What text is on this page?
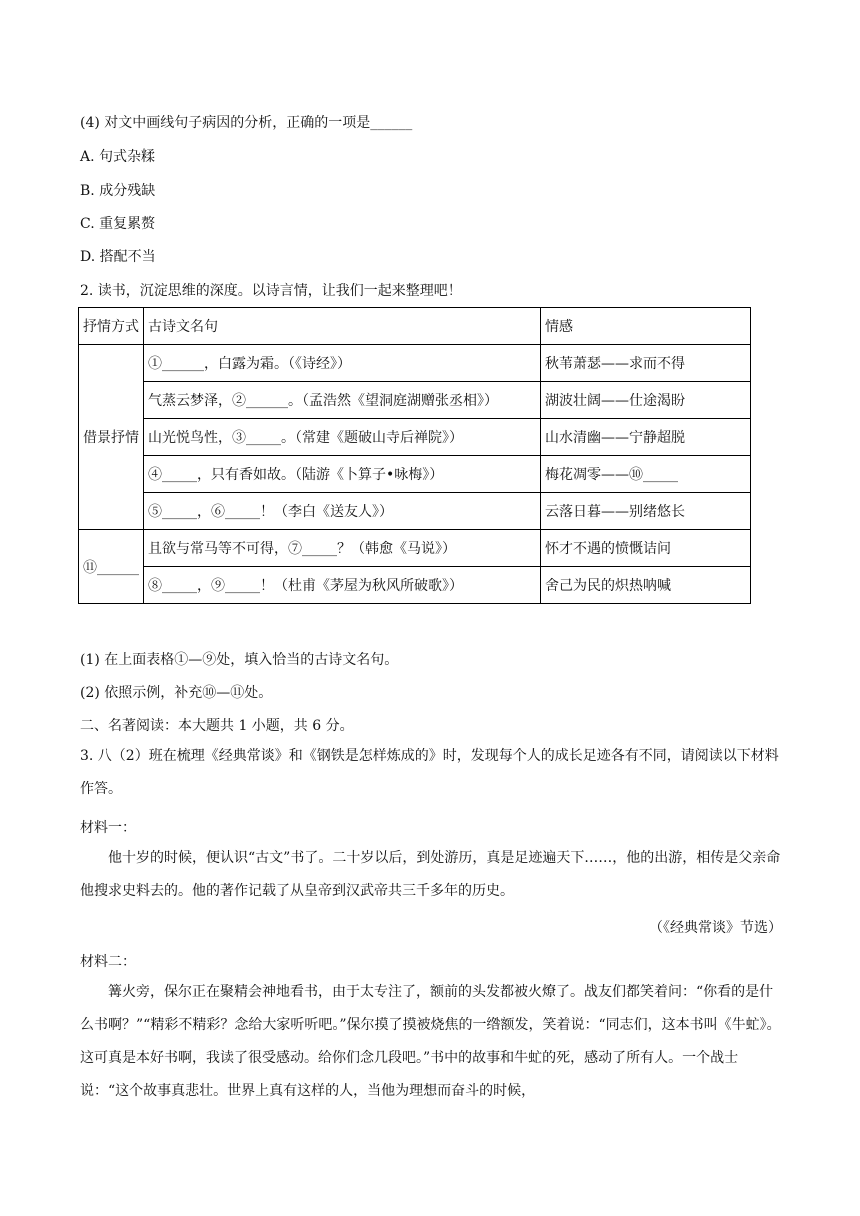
(4) 对文中画线句子病因的分析，正确的一项是______
A. 句式杂糅
B. 成分残缺
C. 重复累赘
D. 搭配不当
2. 读书，沉淀思维的深度。以诗言情，让我们一起来整理吧！
抒情方式	古诗文名句	情感
借景抒情	①______，白露为霜。（《诗经》）	秋苇萧瑟——求而不得
	气蒸云梦泽，②______。（孟浩然《望洞庭湖赠张丞相》）	湖波壮阔——仕途渴盼
	山光悦鸟性，③_____。（常建《题破山寺后禅院》）	山水清幽——宁静超脱
	④_____，只有香如故。（陆游《卜算子•咏梅》）	梅花凋零——⑩_____
	⑤_____，⑥_____！（李白《送友人》）	云落日暮——别绪悠长
⑪______	且欲与常马等不可得，⑦_____？（韩愈《马说》）	怀才不遇的愤慨诘问
	⑧_____，⑨_____！（杜甫《茅屋为秋风所破歌》）	舍己为民的炽热呐喊
(1) 在上面表格①—⑨处，填入恰当的古诗文名句。
(2) 依照示例，补充⑩—⑪处。
二、名著阅读：本大题共 1 小题，共 6 分。
3. 八（2）班在梳理《经典常谈》和《钢铁是怎样炼成的》时，发现每个人的成长足迹各有不同，请阅读以下材料作答。
材料一：
他十岁的时候，便认识“古文”书了。二十岁以后，到处游历，真是足迹遍天下……，他的出游，相传是父亲命他搜求史料去的。他的著作记载了从皇帝到汉武帝共三千多年的历史。
（《经典常谈》节选）
材料二：
篝火旁，保尔正在聚精会神地看书，由于太专注了，额前的头发都被火燎了。战友们都笑着问：“你看的是什么书啊？”“精彩不精彩？念给大家听听吧。”保尔摸了摸被烧焦的一绺额发，笑着说：“同志们，这本书叫《牛虻》。这可真是本好书啊，我读了很受感动。给你们念几段吧。”书中的故事和牛虻的死，感动了所有人。一个战士说：“这个故事真悲壮。世界上真有这样的人，当他为理想而奋斗的时候，
